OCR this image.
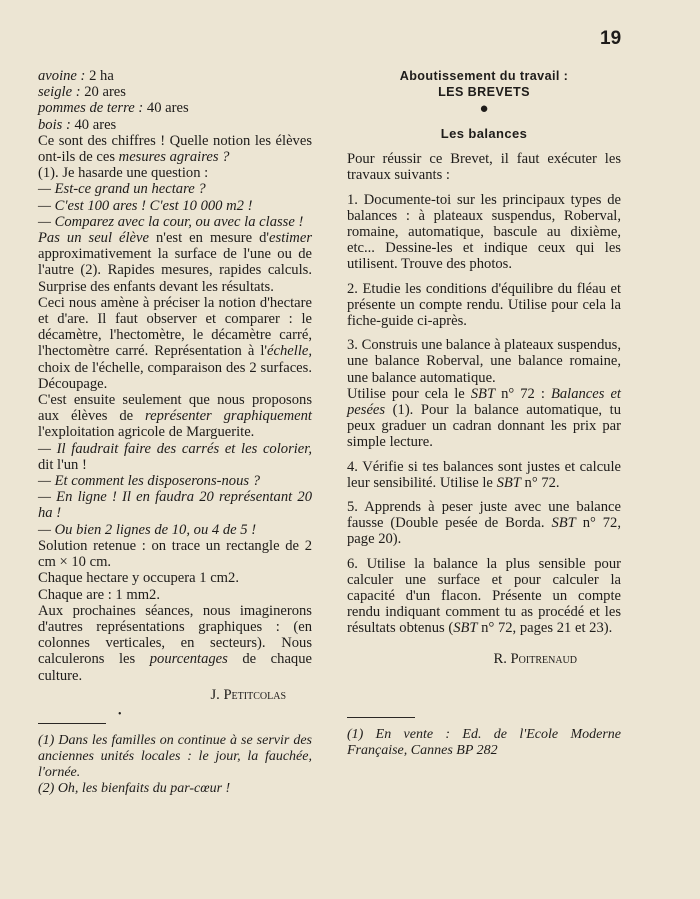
19
avoine : 2 ha
seigle : 20 ares
pommes de terre : 40 ares
bois : 40 ares

Ce sont des chiffres ! Quelle notion les élèves ont-ils de ces mesures agraires ?

(1). Je hasarde une question :

— Est-ce grand un hectare ?

— C'est 100 ares ! C'est 10 000 m2 !

— Comparez avec la cour, ou avec la classe !

Pas un seul élève n'est en mesure d'estimer approximativement la surface de l'une ou de l'autre (2). Rapides mesures, rapides calculs. Surprise des enfants devant les résultats.

Ceci nous amène à préciser la notion d'hectare et d'are. Il faut observer et comparer : le décamètre, l'hectomètre, le décamètre carré, l'hectomètre carré. Représentation à l'échelle, choix de l'échelle, comparaison des 2 surfaces. Découpage.

C'est ensuite seulement que nous proposons aux élèves de représenter graphiquement l'exploitation agricole de Marguerite.

— Il faudrait faire des carrés et les colorier, dit l'un !

— Et comment les disposerons-nous ?

— En ligne ! Il en faudra 20 représentant 20 ha !

— Ou bien 2 lignes de 10, ou 4 de 5 !

Solution retenue : on trace un rectangle de 2 cm × 10 cm.

Chaque hectare y occupera 1 cm2.

Chaque are : 1 mm2.

Aux prochaines séances, nous imaginerons d'autres représentations graphiques : (en colonnes verticales, en secteurs). Nous calculerons les pourcentages de chaque culture.

J. Petitcolas
•

(1) Dans les familles on continue à se servir des anciennes unités locales : le jour, la fauchée, l'ornée.

(2) Oh, les bienfaits du par-cœur !

Aboutissement du travail :
LES BREVETS
●
Les balances

Pour réussir ce Brevet, il faut exécuter les travaux suivants :

1. Documente-toi sur les principaux types de balances : à plateaux suspendus, Roberval, romaine, automatique, bascule au dixième, etc... Dessine-les et indique ceux qui les utilisent. Trouve des photos.

2. Etudie les conditions d'équilibre du fléau et présente un compte rendu. Utilise pour cela la fiche-guide ci-après.

3. Construis une balance à plateaux suspendus, une balance Roberval, une balance romaine, une balance automatique.

Utilise pour cela le SBT n° 72 : Balances et pesées (1). Pour la balance automatique, tu peux graduer un cadran donnant les prix par simple lecture.

4. Vérifie si tes balances sont justes et calcule leur sensibilité. Utilise le SBT n° 72.

5. Apprends à peser juste avec une balance fausse (Double pesée de Borda. SBT n° 72, page 20).

6. Utilise la balance la plus sensible pour calculer une surface et pour calculer la capacité d'un flacon. Présente un compte rendu indiquant comment tu as procédé et les résultats obtenus (SBT n° 72, pages 21 et 23).

R. Poitrenaud

(1) En vente : Ed. de l'Ecole Moderne Française, Cannes BP 282
